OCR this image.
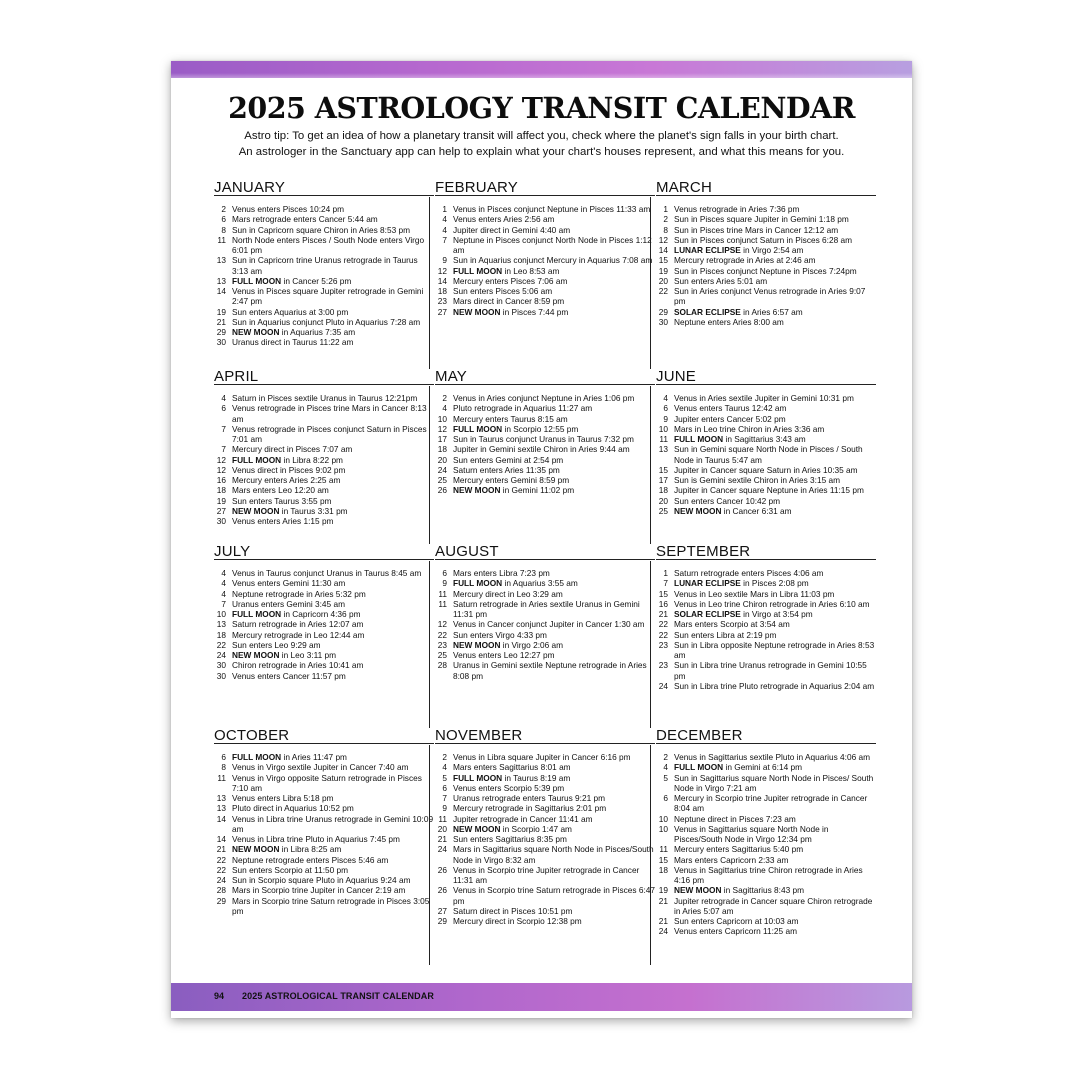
2025 ASTROLOGY TRANSIT CALENDAR
Astro tip: To get an idea of how a planetary transit will affect you, check where the planet's sign falls in your birth chart.
An astrologer in the Sanctuary app can help to explain what your chart's houses represent, and what this means for you.
JANUARY
2 Venus enters Pisces 10:24 pm
6 Mars retrograde enters Cancer 5:44 am
8 Sun in Capricorn square Chiron in Aries 8:53 pm
11 North Node enters Pisces / South Node enters Virgo 6:01 pm
13 Sun in Capricorn trine Uranus retrograde in Taurus 3:13 am
13 FULL MOON in Cancer 5:26 pm
14 Venus in Pisces square Jupiter retrograde in Gemini 2:47 pm
19 Sun enters Aquarius at 3:00 pm
21 Sun in Aquarius conjunct Pluto in Aquarius 7:28 am
29 NEW MOON in Aquarius 7:35 am
30 Uranus direct in Taurus 11:22 am
FEBRUARY
1 Venus in Pisces conjunct Neptune in Pisces 11:33 am
4 Venus enters Aries 2:56 am
4 Jupiter direct in Gemini 4:40 am
7 Neptune in Pisces conjunct North Node in Pisces 1:12 am
9 Sun in Aquarius conjunct Mercury in Aquarius 7:08 am
12 FULL MOON in Leo 8:53 am
14 Mercury enters Pisces 7:06 am
18 Sun enters Pisces 5:06 am
23 Mars direct in Cancer 8:59 pm
27 NEW MOON in Pisces 7:44 pm
MARCH
1 Venus retrograde in Aries 7:36 pm
2 Sun in Pisces square Jupiter in Gemini 1:18 pm
8 Sun in Pisces trine Mars in Cancer 12:12 am
12 Sun in Pisces conjunct Saturn in Pisces 6:28 am
14 LUNAR ECLIPSE in Virgo 2:54 am
15 Mercury retrograde in Aries at 2:46 am
19 Sun in Pisces conjunct Neptune in Pisces 7:24pm
20 Sun enters Aries 5:01 am
22 Sun in Aries conjunct Venus retrograde in Aries 9:07 pm
29 SOLAR ECLIPSE in Aries 6:57 am
30 Neptune enters Aries 8:00 am
APRIL
4 Saturn in Pisces sextile Uranus in Taurus 12:21pm
6 Venus retrograde in Pisces trine Mars in Cancer 8:13 am
7 Venus retrograde in Pisces conjunct Saturn in Pisces 7:01 am
7 Mercury direct in Pisces 7:07 am
12 FULL MOON in Libra 8:22 pm
12 Venus direct in Pisces 9:02 pm
16 Mercury enters Aries 2:25 am
18 Mars enters Leo 12:20 am
19 Sun enters Taurus 3:55 pm
27 NEW MOON in Taurus 3:31 pm
30 Venus enters Aries 1:15 pm
MAY
2 Venus in Aries conjunct Neptune in Aries 1:06 pm
4 Pluto retrograde in Aquarius 11:27 am
10 Mercury enters Taurus 8:15 am
12 FULL MOON in Scorpio 12:55 pm
17 Sun in Taurus conjunct Uranus in Taurus 7:32 pm
18 Jupiter in Gemini sextile Chiron in Aries 9:44 am
20 Sun enters Gemini at 2:54 pm
24 Saturn enters Aries 11:35 pm
25 Mercury enters Gemini 8:59 pm
26 NEW MOON in Gemini 11:02 pm
JUNE
4 Venus in Aries sextile Jupiter in Gemini 10:31 pm
6 Venus enters Taurus 12:42 am
9 Jupiter enters Cancer 5:02 pm
10 Mars in Leo trine Chiron in Aries 3:36 am
11 FULL MOON in Sagittarius 3:43 am
13 Sun in Gemini square North Node in Pisces / South Node in Taurus 5:47 am
15 Jupiter in Cancer square Saturn in Aries 10:35 am
17 Sun is Gemini sextile Chiron in Aries 3:15 am
18 Jupiter in Cancer square Neptune in Aries 11:15 pm
20 Sun enters Cancer 10:42 pm
25 NEW MOON in Cancer 6:31 am
JULY
4 Venus in Taurus conjunct Uranus in Taurus 8:45 am
4 Venus enters Gemini 11:30 am
4 Neptune retrograde in Aries 5:32 pm
7 Uranus enters Gemini 3:45 am
10 FULL MOON in Capricorn 4:36 pm
13 Saturn retrograde in Aries 12:07 am
18 Mercury retrograde in Leo 12:44 am
22 Sun enters Leo 9:29 am
24 NEW MOON in Leo 3:11 pm
30 Chiron retrograde in Aries 10:41 am
30 Venus enters Cancer 11:57 pm
AUGUST
6 Mars enters Libra 7:23 pm
9 FULL MOON in Aquarius 3:55 am
11 Mercury direct in Leo 3:29 am
11 Saturn retrograde in Aries sextile Uranus in Gemini 11:31 pm
12 Venus in Cancer conjunct Jupiter in Cancer 1:30 am
22 Sun enters Virgo 4:33 pm
23 NEW MOON in Virgo 2:06 am
25 Venus enters Leo 12:27 pm
28 Uranus in Gemini sextile Neptune retrograde in Aries 8:08 pm
SEPTEMBER
1 Saturn retrograde enters Pisces 4:06 am
7 LUNAR ECLIPSE in Pisces 2:08 pm
15 Venus in Leo sextile Mars in Libra 11:03 pm
16 Venus in Leo trine Chiron retrograde in Aries 6:10 am
21 SOLAR ECLIPSE in Virgo at 3:54 pm
22 Mars enters Scorpio at 3:54 am
22 Sun enters Libra at 2:19 pm
23 Sun in Libra opposite Neptune retrograde in Aries 8:53 am
23 Sun in Libra trine Uranus retrograde in Gemini 10:55 pm
24 Sun in Libra trine Pluto retrograde in Aquarius 2:04 am
OCTOBER
6 FULL MOON in Aries 11:47 pm
8 Venus in Virgo sextile Jupiter in Cancer 7:40 am
11 Venus in Virgo opposite Saturn retrograde in Pisces 7:10 am
13 Venus enters Libra 5:18 pm
13 Pluto direct in Aquarius 10:52 pm
14 Venus in Libra trine Uranus retrograde in Gemini 10:09 am
14 Venus in Libra trine Pluto in Aquarius 7:45 pm
21 NEW MOON in Libra 8:25 am
22 Neptune retrograde enters Pisces 5:46 am
22 Sun enters Scorpio at 11:50 pm
24 Sun in Scorpio square Pluto in Aquarius 9:24 am
28 Mars in Scorpio trine Jupiter in Cancer 2:19 am
29 Mars in Scorpio trine Saturn retrograde in Pisces 3:05 pm
NOVEMBER
2 Venus in Libra square Jupiter in Cancer 6:16 pm
4 Mars enters Sagittarius 8:01 am
5 FULL MOON in Taurus 8:19 am
6 Venus enters Scorpio 5:39 pm
7 Uranus retrograde enters Taurus 9:21 pm
9 Mercury retrograde in Sagittarius 2:01 pm
11 Jupiter retrograde in Cancer 11:41 am
20 NEW MOON in Scorpio 1:47 am
21 Sun enters Sagittarius 8:35 pm
24 Mars in Sagittarius square North Node in Pisces/South Node in Virgo 8:32 am
26 Venus in Scorpio trine Jupiter retrograde in Cancer 11:31 am
26 Venus in Scorpio trine Saturn retrograde in Pisces 6:47 pm
27 Saturn direct in Pisces 10:51 pm
29 Mercury direct in Scorpio 12:38 pm
DECEMBER
2 Venus in Sagittarius sextile Pluto in Aquarius 4:06 am
4 FULL MOON in Gemini at 6:14 pm
5 Sun in Sagittarius square North Node in Pisces/ South Node in Virgo 7:21 am
6 Mercury in Scorpio trine Jupiter retrograde in Cancer 8:04 am
10 Neptune direct in Pisces 7:23 am
10 Venus in Sagittarius square North Node in Pisces/South Node in Virgo 12:34 pm
11 Mercury enters Sagittarius 5:40 pm
15 Mars enters Capricorn 2:33 am
18 Venus in Sagittarius trine Chiron retrograde in Aries 4:16 pm
19 NEW MOON in Sagittarius 8:43 pm
21 Jupiter retrograde in Cancer square Chiron retrograde in Aries 5:07 am
21 Sun enters Capricorn at 10:03 am
24 Venus enters Capricorn 11:25 am
94 2025 ASTROLOGICAL TRANSIT CALENDAR
